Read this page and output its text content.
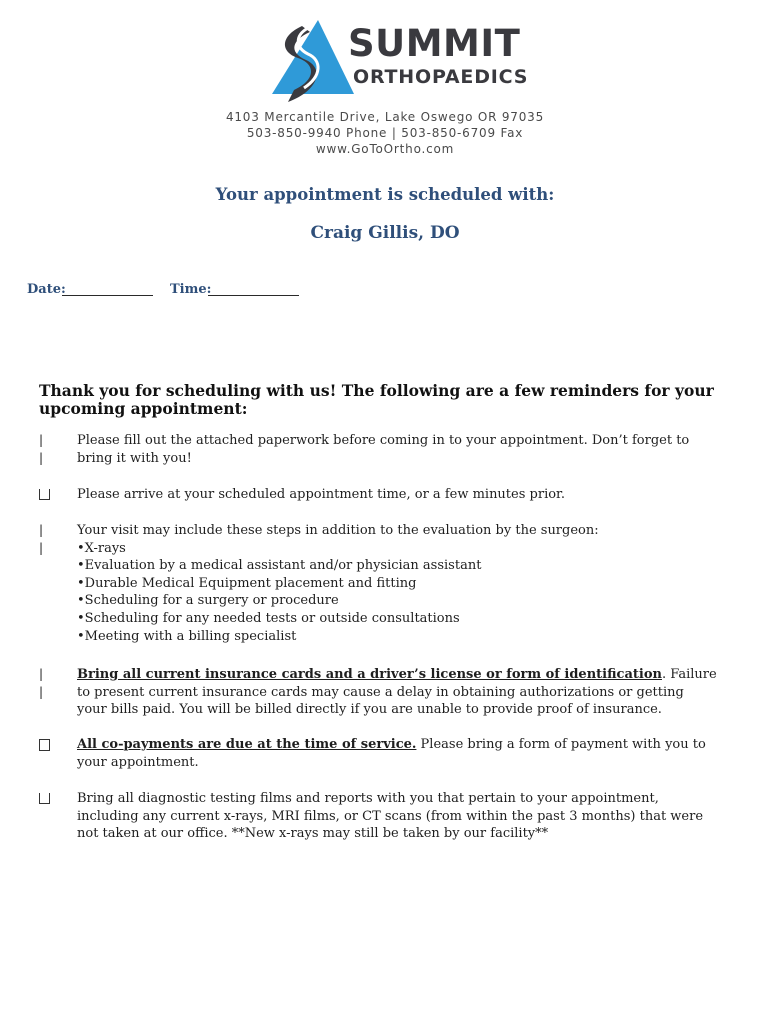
SUMMIT
ORTHOPAEDICS
4103 Mercantile Drive, Lake Oswego OR 97035
503-850-9940 Phone | 503-850-6709 Fax
www.GoToOrtho.com
Your appointment is scheduled with:
Craig Gillis, DO
Date:	Time:
Thank you for scheduling with us! The following are a few reminders for your upcoming appointment:
| |
Please fill out the attached paperwork before coming in to your appointment. Don’t forget to bring it with you!
Please arrive at your scheduled appointment time, or a few minutes prior.
| |
Your visit may include these steps in addition to the evaluation by the surgeon:
•X-rays
•Evaluation by a medical assistant and/or physician assistant
•Durable Medical Equipment placement and fitting
•Scheduling for a surgery or procedure
•Scheduling for any needed tests or outside consultations
•Meeting with a billing specialist
| |
Bring all current insurance cards and a driver’s license or form of identification. Failure to present current insurance cards may cause a delay in obtaining authorizations or getting your bills paid. You will be billed directly if you are unable to provide proof of insurance.
All co-payments are due at the time of service. Please bring a form of payment with you to your appointment.
Bring all diagnostic testing films and reports with you that pertain to your appointment, including any current x-rays, MRI films, or CT scans (from within the past 3 months) that were not taken at our office. **New x-rays may still be taken by our facility**
